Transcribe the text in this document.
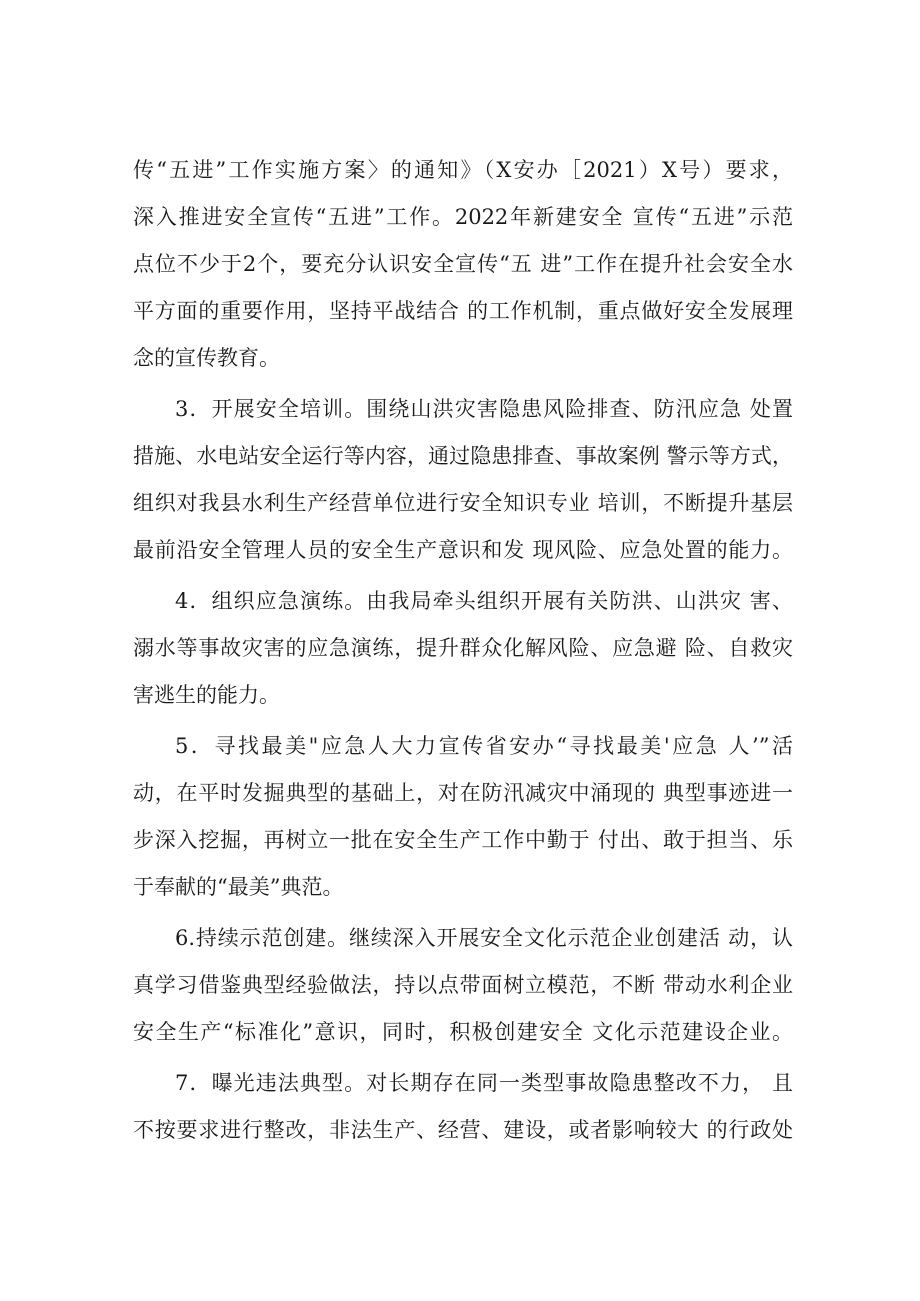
传“五进”工作实施方案〉的通知》（X安办［2021）X号）要求，
深入推进安全宣传“五进”工作。2022年新建安全 宣传“五进”示范
点位不少于2个，要充分认识安全宣传“五 进”工作在提升社会安全水
平方面的重要作用，坚持平战结合 的工作机制，重点做好安全发展理
念的宣传教育。
3．开展安全培训。围绕山洪灾害隐患风险排查、防汛应急 处置
措施、水电站安全运行等内容，通过隐患排查、事故案例 警示等方式，
组织对我县水利生产经营单位进行安全知识专业 培训，不断提升基层
最前沿安全管理人员的安全生产意识和发 现风险、应急处置的能力。
4．组织应急演练。由我局牵头组织开展有关防洪、山洪灾 害、
溺水等事故灾害的应急演练，提升群众化解风险、应急避 险、自救灾
害逃生的能力。
5．寻找最美"应急人大力宣传省安办“寻找最美'应急 人’”活
动，在平时发掘典型的基础上，对在防汛减灾中涌现的 典型事迹进一
步深入挖掘，再树立一批在安全生产工作中勤于 付出、敢于担当、乐
于奉献的“最美”典范。
6.持续示范创建。继续深入开展安全文化示范企业创建活 动，认
真学习借鉴典型经验做法，持以点带面树立模范，不断 带动水利企业
安全生产“标准化”意识，同时，积极创建安全 文化示范建设企业。
7．曝光违法典型。对长期存在同一类型事故隐患整改不力， 且
不按要求进行整改，非法生产、经营、建设，或者影响较大 的行政处
